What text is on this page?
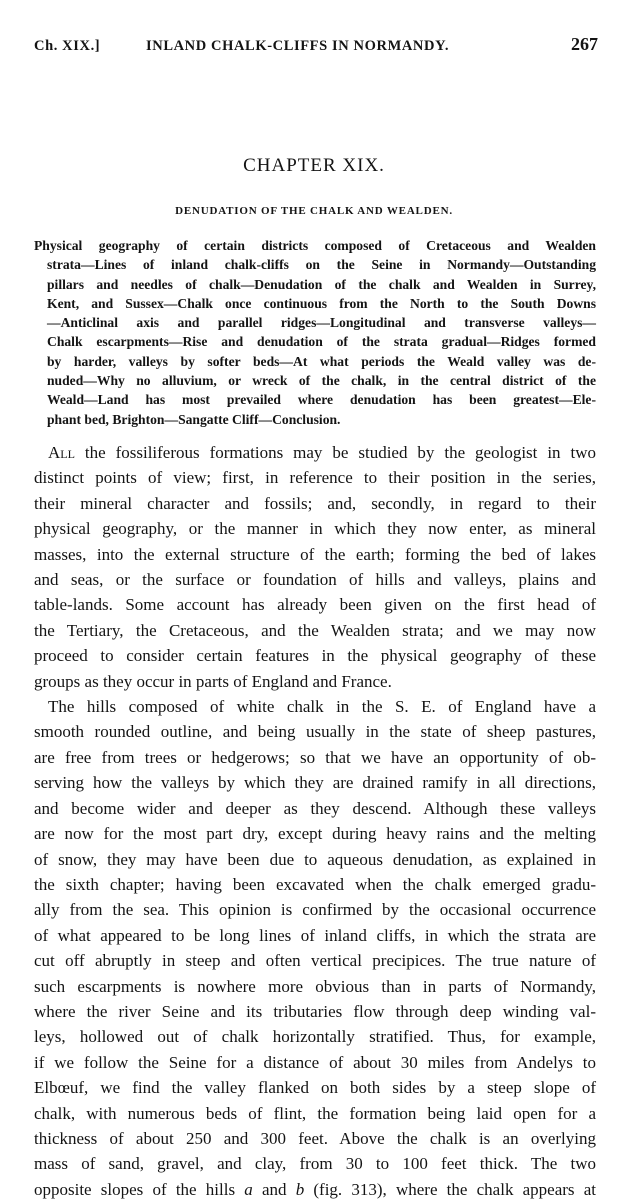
Ch. XIX.]	INLAND CHALK-CLIFFS IN NORMANDY.	267
CHAPTER XIX.
DENUDATION OF THE CHALK AND WEALDEN.
Physical geography of certain districts composed of Cretaceous and Wealden
strata—Lines of inland chalk-cliffs on the Seine in Normandy—Outstanding
pillars and needles of chalk—Denudation of the chalk and Wealden in Surrey,
Kent, and Sussex—Chalk once continuous from the North to the South Downs
—Anticlinal axis and parallel ridges—Longitudinal and transverse valleys—
Chalk escarpments—Rise and denudation of the strata gradual—Ridges formed
by harder, valleys by softer beds—At what periods the Weald valley was de-
nuded—Why no alluvium, or wreck of the chalk, in the central district of the
Weald—Land has most prevailed where denudation has been greatest—Ele-
phant bed, Brighton—Sangatte Cliff—Conclusion.
All the fossiliferous formations may be studied by the geologist in two
distinct points of view; first, in reference to their position in the series,
their mineral character and fossils; and, secondly, in regard to their
physical geography, or the manner in which they now enter, as mineral
masses, into the external structure of the earth; forming the bed of lakes
and seas, or the surface or foundation of hills and valleys, plains and
table-lands. Some account has already been given on the first head of
the Tertiary, the Cretaceous, and the Wealden strata; and we may now
proceed to consider certain features in the physical geography of these
groups as they occur in parts of England and France.
The hills composed of white chalk in the S. E. of England have a
smooth rounded outline, and being usually in the state of sheep pastures,
are free from trees or hedgerows; so that we have an opportunity of ob-
serving how the valleys by which they are drained ramify in all directions,
and become wider and deeper as they descend. Although these valleys
are now for the most part dry, except during heavy rains and the melting
of snow, they may have been due to aqueous denudation, as explained in
the sixth chapter; having been excavated when the chalk emerged gradu-
ally from the sea. This opinion is confirmed by the occasional occurrence
of what appeared to be long lines of inland cliffs, in which the strata are
cut off abruptly in steep and often vertical precipices. The true nature of
such escarpments is nowhere more obvious than in parts of Normandy,
where the river Seine and its tributaries flow through deep winding val-
leys, hollowed out of chalk horizontally stratified. Thus, for example,
if we follow the Seine for a distance of about 30 miles from Andelys to
Elbœuf, we find the valley flanked on both sides by a steep slope of
chalk, with numerous beds of flint, the formation being laid open for a
thickness of about 250 and 300 feet. Above the chalk is an overlying
mass of sand, gravel, and clay, from 30 to 100 feet thick. The two
opposite slopes of the hills a and b (fig. 313), where the chalk appears at
